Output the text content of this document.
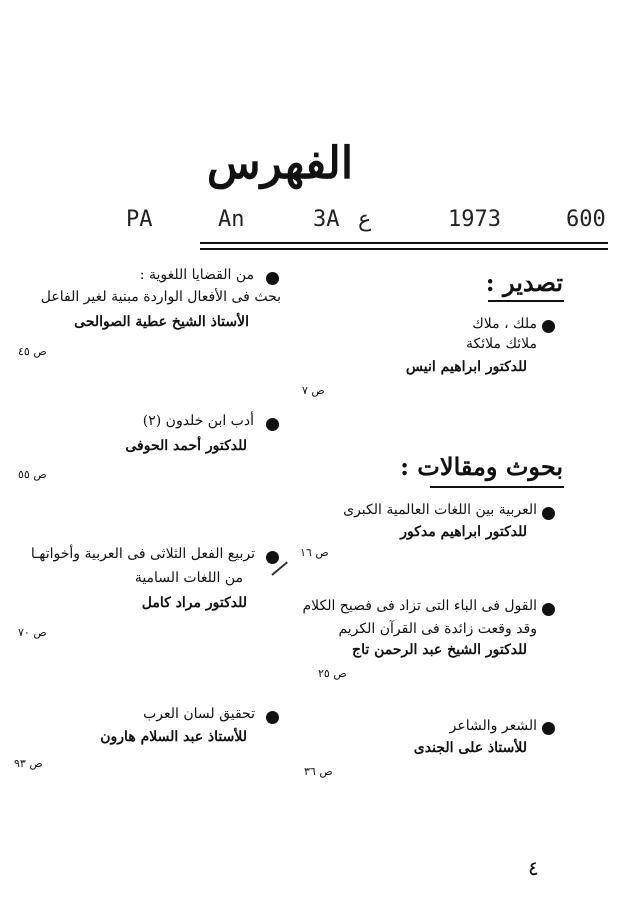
الفهرس
PA	An	3A ع	1973	600
تصدير :
بحوث ومقالات :
ملك ، ملاك
ملائك ملائكة
للدكتور ابراهيم انيس
ص ٧
العربية بين اللغات العالمية الكبرى
للدكتور ابراهيم مدكور
ص ١٦
القول فى الباء التى تزاد فى فصيح الكلام
وقد وقعت زائدة فى القرآن الكريم
للدكتور الشيخ عبد الرحمن تاج
ص ٢٥
الشعر والشاعر
للأستاذ على الجندى
ص ٣٦
من القضايا اللغوية :
بحث فى الأفعال الواردة مبنية لغير الفاعل
الأستاذ الشيخ عطية الصوالحى
ص ٤٥
أدب ابن خلدون (٢)
للدكتور أحمد الحوفى
ص ٥٥
تربيع الفعل الثلاثى فى العربية وأخواتهـا
من اللغات السامية
للدكتور مراد كامل
ص ٧٠
تحقيق لسان العرب
للأستاذ عبد السلام هارون
ص ٩٣
٤
